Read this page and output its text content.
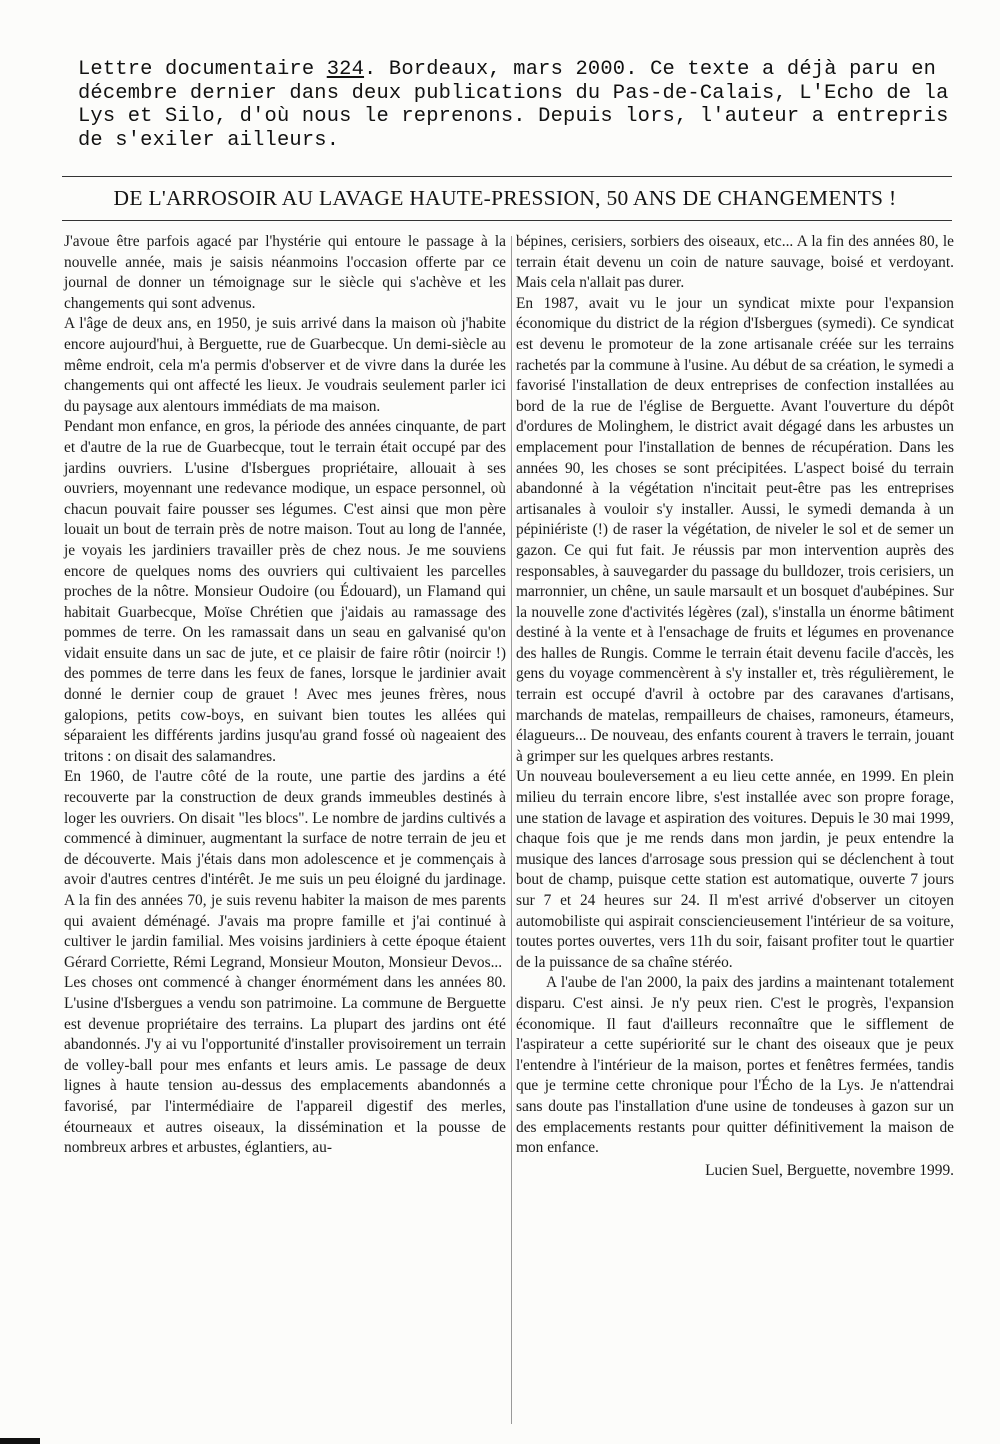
Lettre documentaire 324. Bordeaux, mars 2000. Ce texte a déjà paru en décembre dernier dans deux publications du Pas-de-Calais, L'Echo de la Lys et Silo, d'où nous le reprenons. Depuis lors, l'auteur a entrepris de s'exiler ailleurs.
DE L'ARROSOIR AU LAVAGE HAUTE-PRESSION, 50 ANS DE CHANGEMENTS !

J'avoue être parfois agacé par l'hystérie qui entoure le passage à la nouvelle année, mais je saisis néanmoins l'occasion offerte par ce journal de donner un témoignage sur le siècle qui s'achève et les changements qui sont advenus.

A l'âge de deux ans, en 1950, je suis arrivé dans la maison où j'habite encore aujourd'hui, à Berguette, rue de Guarbecque. Un demi-siècle au même endroit, cela m'a permis d'observer et de vivre dans la durée les changements qui ont affecté les lieux. Je voudrais seulement parler ici du paysage aux alentours immédiats de ma maison.

Pendant mon enfance, en gros, la période des années cinquante, de part et d'autre de la rue de Guarbecque, tout le terrain était occupé par des jardins ouvriers. L'usine d'Isbergues propriétaire, allouait à ses ouvriers, moyennant une redevance modique, un espace personnel, où chacun pouvait faire pousser ses légumes. C'est ainsi que mon père louait un bout de terrain près de notre maison. Tout au long de l'année, je voyais les jardiniers travailler près de chez nous. Je me souviens encore de quelques noms des ouvriers qui cultivaient les parcelles proches de la nôtre. Monsieur Oudoire (ou Édouard), un Flamand qui habitait Guarbecque, Moïse Chrétien que j'aidais au ramassage des pommes de terre. On les ramassait dans un seau en galvanisé qu'on vidait ensuite dans un sac de jute, et ce plaisir de faire rôtir (noircir !) des pommes de terre dans les feux de fanes, lorsque le jardinier avait donné le dernier coup de grauet ! Avec mes jeunes frères, nous galopions, petits cow-boys, en suivant bien toutes les allées qui séparaient les différents jardins jusqu'au grand fossé où nageaient des tritons : on disait des salamandres.

En 1960, de l'autre côté de la route, une partie des jardins a été recouverte par la construction de deux grands immeubles destinés à loger les ouvriers. On disait "les blocs". Le nombre de jardins cultivés a commencé à diminuer, augmentant la surface de notre terrain de jeu et de découverte. Mais j'étais dans mon adolescence et je commençais à avoir d'autres centres d'intérêt. Je me suis un peu éloigné du jardinage. A la fin des années 70, je suis revenu habiter la maison de mes parents qui avaient déménagé. J'avais ma propre famille et j'ai continué à cultiver le jardin familial. Mes voisins jardiniers à cette époque étaient Gérard Corriette, Rémi Legrand, Monsieur Mouton, Monsieur Devos...

Les choses ont commencé à changer énormément dans les années 80. L'usine d'Isbergues a vendu son patrimoine. La commune de Berguette est devenue propriétaire des terrains. La plupart des jardins ont été abandonnés. J'y ai vu l'opportunité d'installer provisoirement un terrain de volley-ball pour mes enfants et leurs amis. Le passage de deux lignes à haute tension au-dessus des emplacements abandonnés a favorisé, par l'intermédiaire de l'appareil digestif des merles, étourneaux et autres oiseaux, la dissémination et la pousse de nombreux arbres et arbustes, églantiers, au-

bépines, cerisiers, sorbiers des oiseaux, etc... A la fin des années 80, le terrain était devenu un coin de nature sauvage, boisé et verdoyant. Mais cela n'allait pas durer.

En 1987, avait vu le jour un syndicat mixte pour l'expansion économique du district de la région d'Isbergues (symedi). Ce syndicat est devenu le promoteur de la zone artisanale créée sur les terrains rachetés par la commune à l'usine. Au début de sa création, le symedi a favorisé l'installation de deux entreprises de confection installées au bord de la rue de l'église de Berguette. Avant l'ouverture du dépôt d'ordures de Molinghem, le district avait dégagé dans les arbustes un emplacement pour l'installation de bennes de récupération. Dans les années 90, les choses se sont précipitées. L'aspect boisé du terrain abandonné à la végétation n'incitait peut-être pas les entreprises artisanales à vouloir s'y installer. Aussi, le symedi demanda à un pépiniériste (!) de raser la végétation, de niveler le sol et de semer un gazon. Ce qui fut fait. Je réussis par mon intervention auprès des responsables, à sauvegarder du passage du bulldozer, trois cerisiers, un marronnier, un chêne, un saule marsault et un bosquet d'aubépines. Sur la nouvelle zone d'activités légères (zal), s'installa un énorme bâtiment destiné à la vente et à l'ensachage de fruits et légumes en provenance des halles de Rungis. Comme le terrain était devenu facile d'accès, les gens du voyage commencèrent à s'y installer et, très régulièrement, le terrain est occupé d'avril à octobre par des caravanes d'artisans, marchands de matelas, rempailleurs de chaises, ramoneurs, étameurs, élagueurs... De nouveau, des enfants courent à travers le terrain, jouant à grimper sur les quelques arbres restants.

Un nouveau bouleversement a eu lieu cette année, en 1999. En plein milieu du terrain encore libre, s'est installée avec son propre forage, une station de lavage et aspiration des voitures. Depuis le 30 mai 1999, chaque fois que je me rends dans mon jardin, je peux entendre la musique des lances d'arrosage sous pression qui se déclenchent à tout bout de champ, puisque cette station est automatique, ouverte 7 jours sur 7 et 24 heures sur 24. Il m'est arrivé d'observer un citoyen automobiliste qui aspirait consciencieusement l'intérieur de sa voiture, toutes portes ouvertes, vers 11h du soir, faisant profiter tout le quartier de la puissance de sa chaîne stéréo.

A l'aube de l'an 2000, la paix des jardins a maintenant totalement disparu. C'est ainsi. Je n'y peux rien. C'est le progrès, l'expansion économique. Il faut d'ailleurs reconnaître que le sifflement de l'aspirateur a cette supériorité sur le chant des oiseaux que je peux l'entendre à l'intérieur de la maison, portes et fenêtres fermées, tandis que je termine cette chronique pour l'Écho de la Lys. Je n'attendrai sans doute pas l'installation d'une usine de tondeuses à gazon sur un des emplacements restants pour quitter définitivement la maison de mon enfance.

Lucien Suel, Berguette, novembre 1999.
